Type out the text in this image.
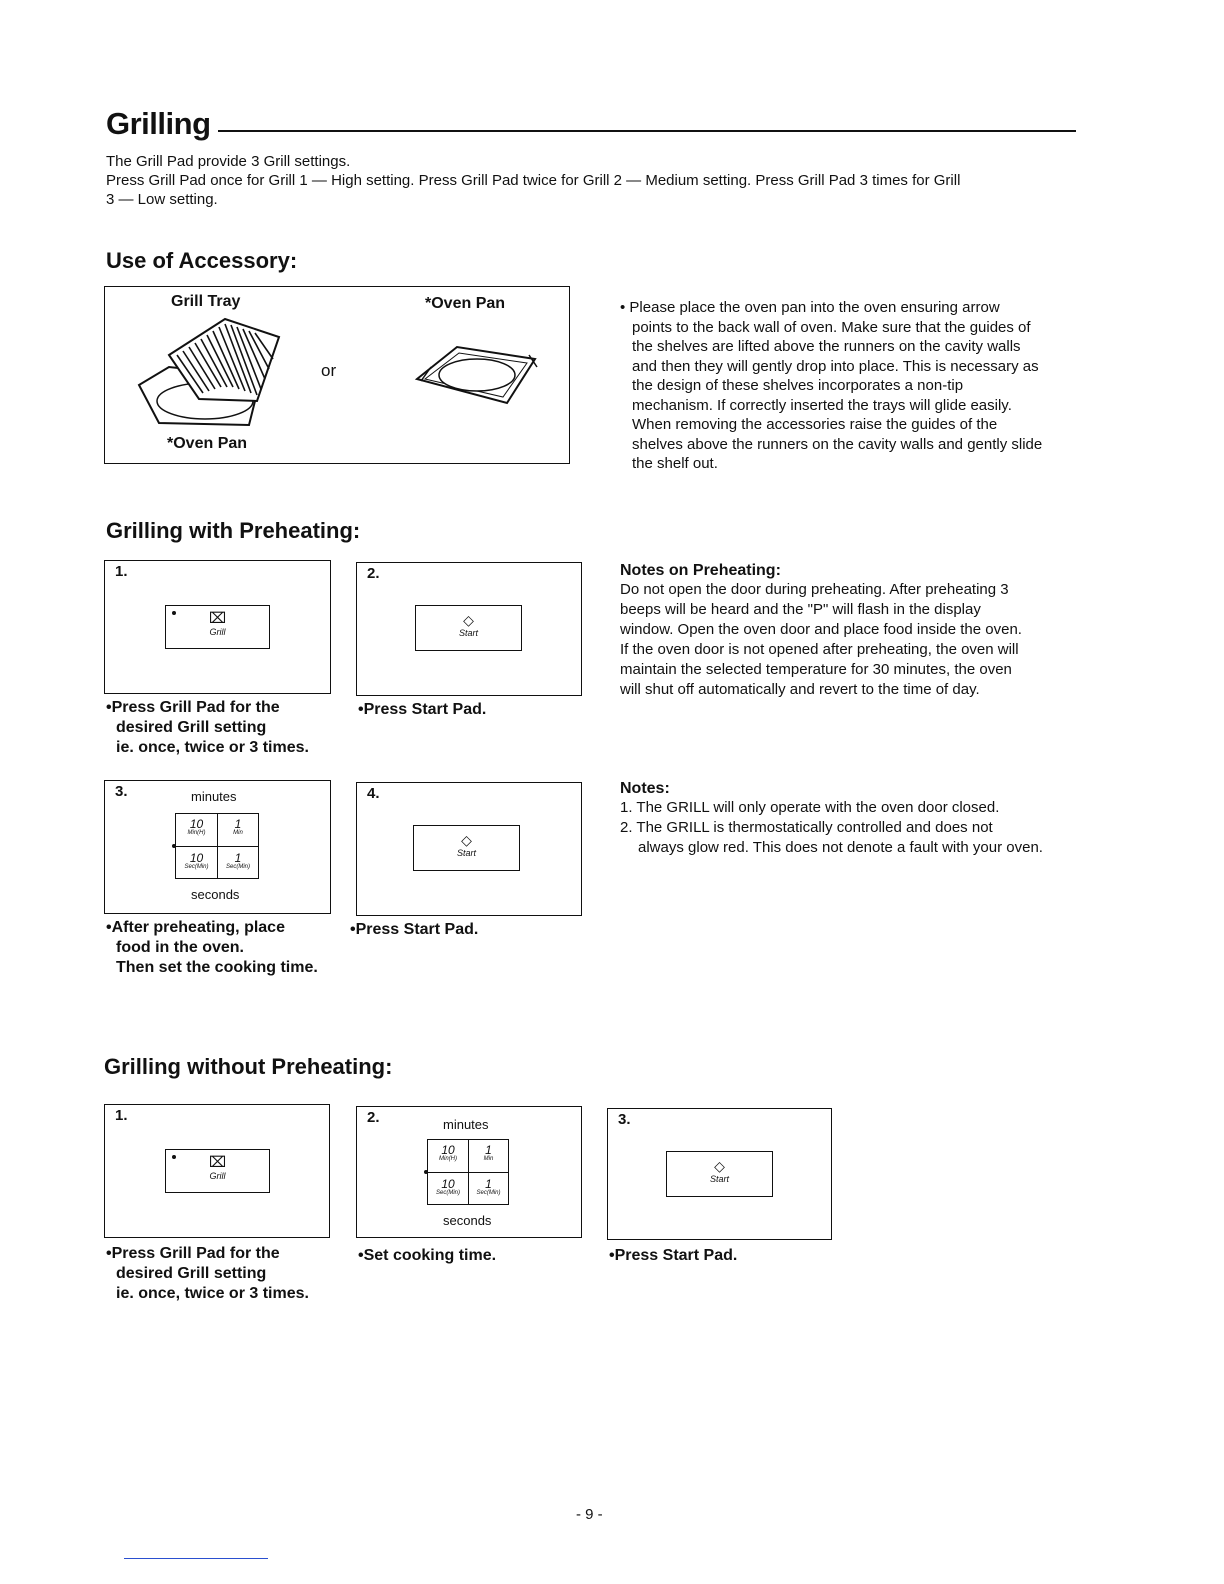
Grilling
The Grill Pad provide 3 Grill settings.
Press Grill Pad once for Grill 1 — High setting. Press Grill Pad twice for Grill 2 — Medium setting. Press Grill Pad 3 times for Grill
3 — Low setting.
Use of Accessory:
Grill Tray	*Oven Pan
or
*Oven Pan
• Please place the oven pan into the oven ensuring arrow
points to the back wall of oven. Make sure that the guides of
the shelves are lifted above the runners on the cavity walls
and then they will gently drop into place. This is necessary as
the design of these shelves incorporates a non-tip
mechanism. If correctly inserted the trays will glide easily.
When removing the accessories raise the guides of the
shelves above the runners on the cavity walls and gently slide
the shelf out.
Grilling with Preheating:
1.
⌧
Grill
•Press Grill Pad for the
desired Grill setting
ie. once, twice or 3 times.
2.
◇
Start
•Press Start Pad.
Notes on Preheating:
Do not open the door during preheating. After preheating 3
beeps will be heard and the "P" will flash in the display
window. Open the oven door and place food inside the oven.
If the oven door is not opened after preheating, the oven will
maintain the selected temperature for 30 minutes, the oven
will shut off automatically and revert to the time of day.
3.	minutes
10
Min(H)
1
Min
10
Sec(Min)
1
Sec(Min)
seconds
•After preheating, place
food in the oven.
Then set the cooking time.
4.
◇
Start
•Press Start Pad.
Notes:
1. The GRILL will only operate with the oven door closed.
2. The GRILL is thermostatically controlled and does not
always glow red. This does not denote a fault with your oven.
Grilling without Preheating:
1.
⌧
Grill
•Press Grill Pad for the
desired Grill setting
ie. once, twice or 3 times.
2.	minutes
10
Min(H)
1
Min
10
Sec(Min)
1
Sec(Min)
seconds
•Set cooking time.
3.
◇
Start
•Press Start Pad.
- 9 -
